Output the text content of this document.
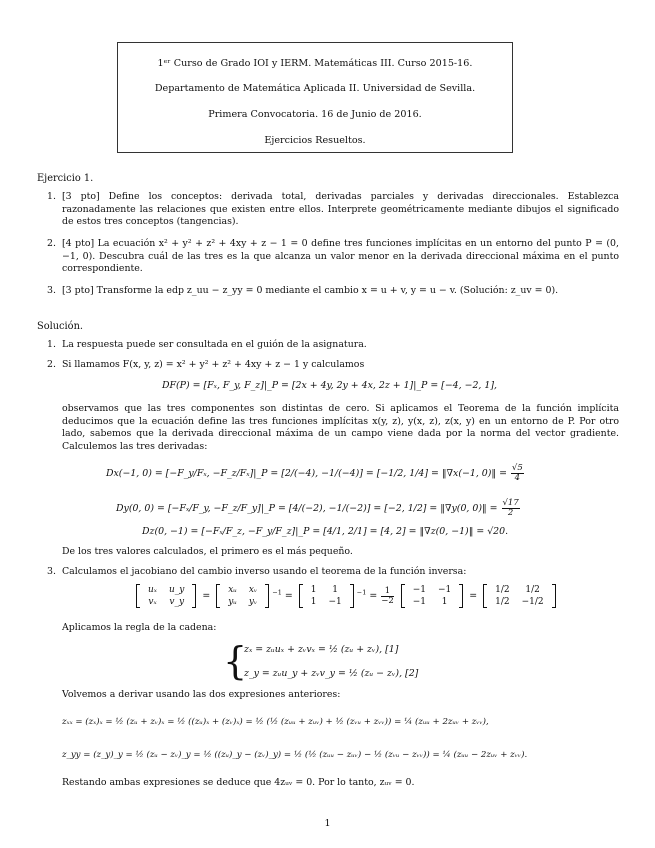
1ᵉʳ Curso de Grado IOI y IERM. Matemáticas III. Curso 2015-16.
Departamento de Matemática Aplicada II. Universidad de Sevilla.
Primera Convocatoria. 16 de Junio de 2016.
Ejercicios Resueltos.
Ejercicio 1.
1. [3 pto] Define los conceptos: derivada total, derivadas parciales y derivadas direccionales. Establezca razonadamente las relaciones que existen entre ellos. Interprete geométricamente mediante dibujos el significado de estos tres conceptos (tangencias).
2. [4 pto] La ecuación x² + y² + z² + 4xy + z − 1 = 0 define tres funciones implícitas en un entorno del punto P = (0, −1, 0). Descubra cuál de las tres es la que alcanza un valor menor en la derivada direccional máxima en el punto correspondiente.
3. [3 pto] Transforme la edp z_uu − z_yy = 0 mediante el cambio x = u + v, y = u − v. (Solución: z_uv = 0).
Solución.
1. La respuesta puede ser consultada en el guión de la asignatura.
2. Si llamamos F(x, y, z) = x² + y² + z² + 4xy + z − 1 y calculamos
DF(P) = [Fₓ, F_y, F_z]|_P = [2x + 4y, 2y + 4x, 2z + 1]|_P = [−4, −2, 1],
observamos que las tres componentes son distintas de cero. Si aplicamos el Teorema de la función implícita deducimos que la ecuación define las tres funciones implícitas x(y, z), y(x, z), z(x, y) en un entorno de P. Por otro lado, sabemos que la derivada direccional máxima de un campo viene dada por la norma del vector gradiente. Calculemos las tres derivadas:
Dx(−1, 0) = [−F_y/Fₓ, −F_z/Fₓ]|_P = [2/(−4), −1/(−4)] = [−1/2, 1/4] = ‖∇x(−1, 0)‖ = $\frac{√5}{4}$
Dy(0, 0) = [−Fₓ/F_y, −F_z/F_y]|_P = [4/(−2), −1/(−2)] = [−2, 1/2] = ‖∇y(0, 0)‖ = $\frac{√17}{2}$
Dz(0, −1) = [−Fₓ/F_z, −F_y/F_z]|_P = [4/1, 2/1] = [4, 2] = ‖∇z(0, −1)‖ = √20.
De los tres valores calculados, el primero es el más pequeño.
3. Calculamos el jacobiano del cambio inverso usando el teorema de la función inversa:
uₓ	u_y
vₓ	v_y
=
xᵤ	xᵥ
yᵤ	yᵥ
$^{-1}$ =
1	1
1	−1
$^{-1} = \frac{1}{-2}$
−1	−1
−1	1
=
1/2	1/2
1/2	−1/2
Aplicamos la regla de la cadena:
{
zₓ = zᵤuₓ + zᵥvₓ = ½ (zᵤ + zᵥ), [1]
z_y = zᵤu_y + zᵥv_y = ½ (zᵤ − zᵥ), [2]
Volvemos a derivar usando las dos expresiones anteriores:
zₓₓ = (zₓ)ₓ = ½ (zᵤ + zᵥ)ₓ = ½ ((zᵤ)ₓ + (zᵥ)ₓ) = ½ (½ (zᵤᵤ + zᵤᵥ) + ½ (zᵥᵤ + zᵥᵥ)) = ¼ (zᵤᵤ + 2zᵤᵥ + zᵥᵥ),
z_yy = (z_y)_y = ½ (zᵤ − zᵥ)_y = ½ ((zᵤ)_y − (zᵥ)_y) = ½ (½ (zᵤᵤ − zᵤᵥ) − ½ (zᵥᵤ − zᵥᵥ)) = ¼ (zᵤᵤ − 2zᵤᵥ + zᵥᵥ).
Restando ambas expresiones se deduce que 4zᵤᵥ = 0. Por lo tanto, zᵤᵥ = 0.
1
